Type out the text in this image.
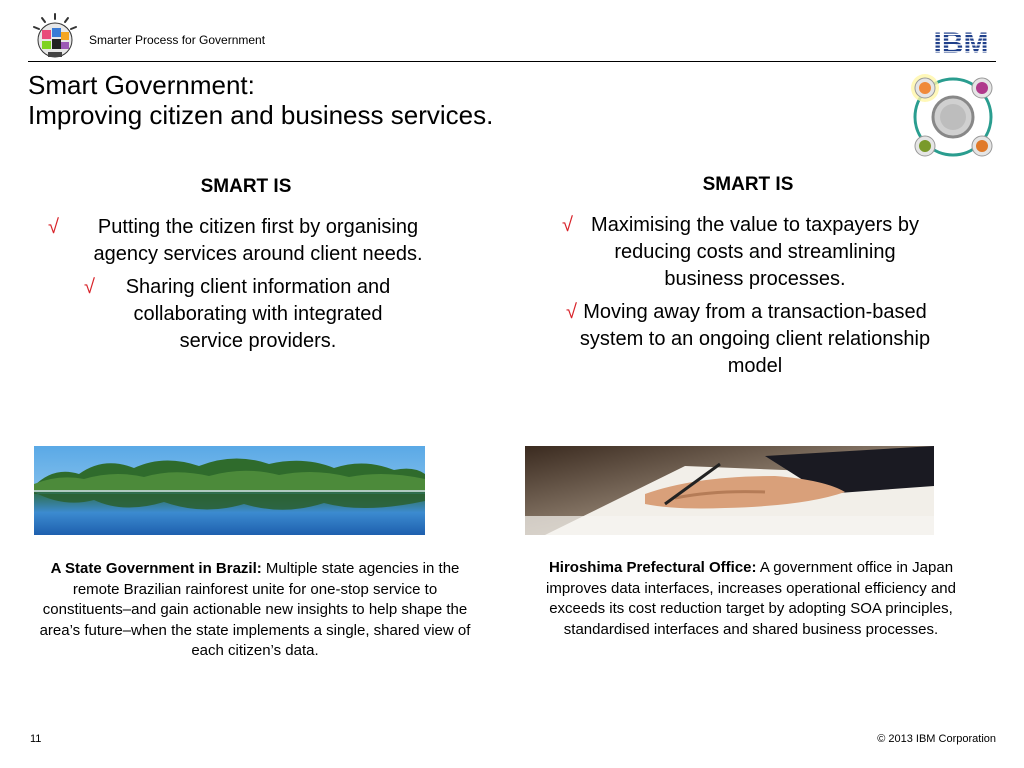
Smarter Process for Government	IBM
Smart Government:
Improving citizen and business services.
SMART IS
√ Putting the citizen first by organising agency services around client needs.
√ Sharing client information and collaborating with integrated service providers.
SMART IS
√ Maximising the value to taxpayers by reducing costs and streamlining business processes.
√ Moving away from a transaction-based system to an ongoing client relationship model
A State Government in Brazil: Multiple state agencies in the remote Brazilian rainforest unite for one-stop service to constituents–and gain actionable new insights to help shape the area’s future–when the state implements a single, shared view of each citizen’s data.
Hiroshima Prefectural Office: A government office in Japan improves data interfaces, increases operational efficiency and exceeds its cost reduction target by adopting SOA principles, standardised interfaces and shared business processes.
11	© 2013 IBM Corporation
